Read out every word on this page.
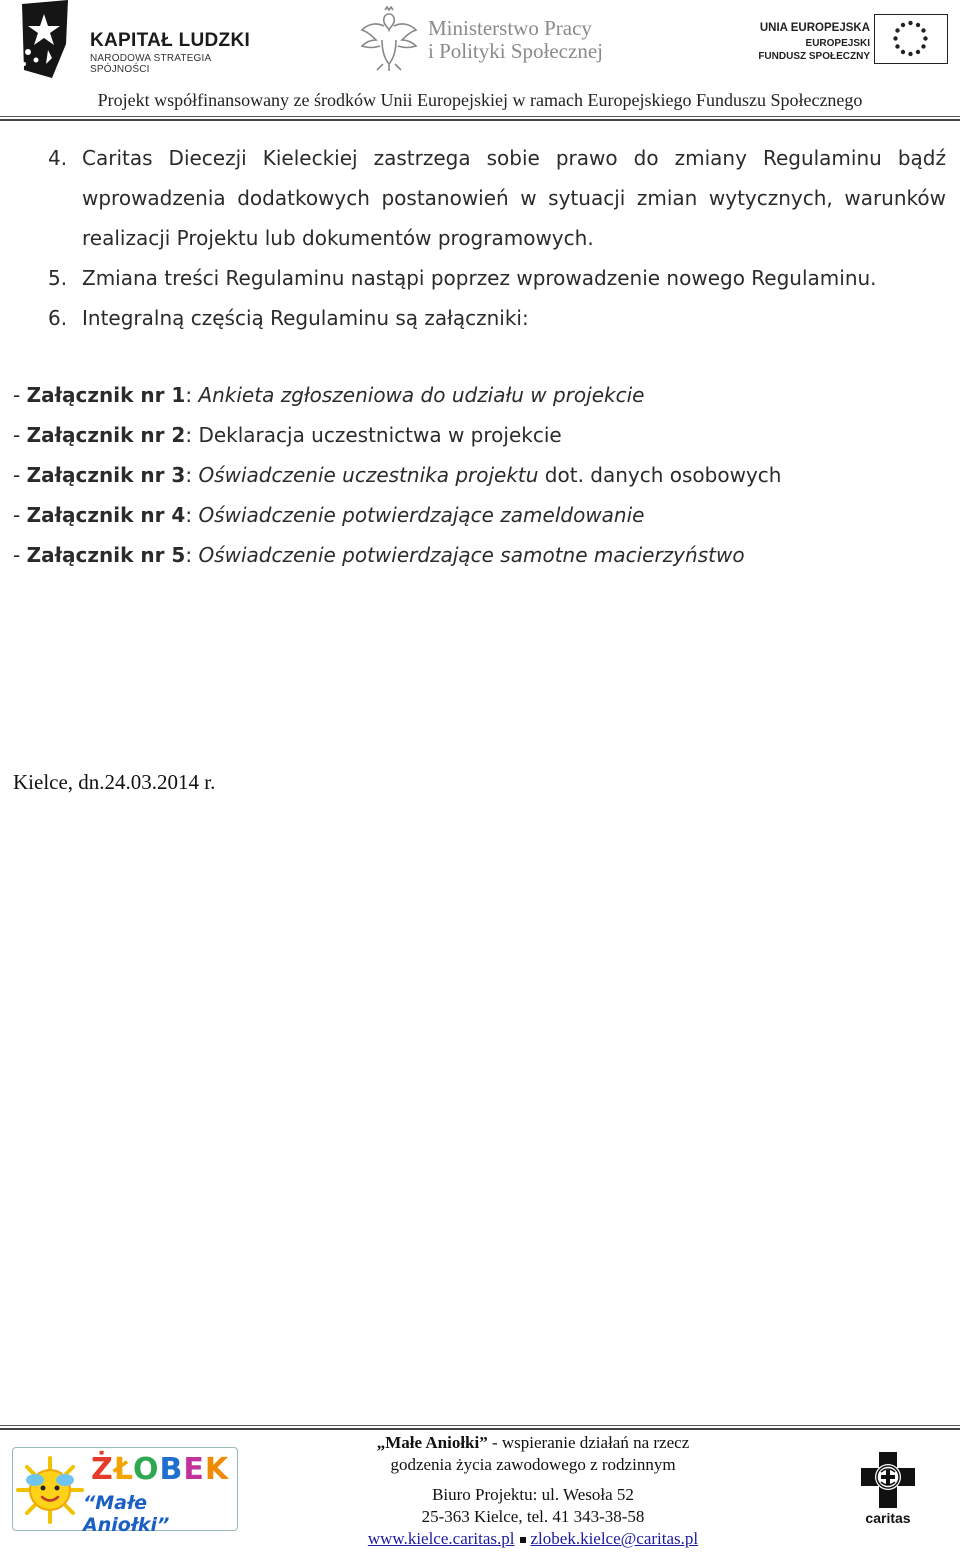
KAPITAŁ LUDZKI
NARODOWA STRATEGIA SPÓJNOŚCI
Ministerstwo Pracy
i Polityki Społecznej
UNIA EUROPEJSKA
EUROPEJSKI
FUNDUSZ SPOŁECZNY
Projekt współfinansowany ze środków Unii Europejskiej w ramach Europejskiego Funduszu Społecznego
4. Caritas Diecezji Kieleckiej zastrzega sobie prawo do zmiany Regulaminu bądź wprowadzenia dodatkowych postanowień w sytuacji zmian wytycznych, warunków realizacji Projektu lub dokumentów programowych.
5. Zmiana treści Regulaminu nastąpi poprzez wprowadzenie nowego Regulaminu.
6. Integralną częścią Regulaminu są załączniki:
- Załącznik nr 1: Ankieta zgłoszeniowa do udziału w projekcie
- Załącznik nr 2: Deklaracja uczestnictwa w projekcie
- Załącznik nr 3: Oświadczenie uczestnika projektu dot. danych osobowych
- Załącznik nr 4: Oświadczenie potwierdzające zameldowanie
- Załącznik nr 5: Oświadczenie potwierdzające samotne macierzyństwo
Kielce, dn.24.03.2014 r.
ŻŁOBEK
“Małe Aniołki”
„Małe Aniołki” - wspieranie działań na rzecz
godzenia życia zawodowego z rodzinnym
Biuro Projektu: ul. Wesoła 52
25-363 Kielce, tel. 41 343-38-58
www.kielce.caritas.pl zlobek.kielce@caritas.pl
caritas
